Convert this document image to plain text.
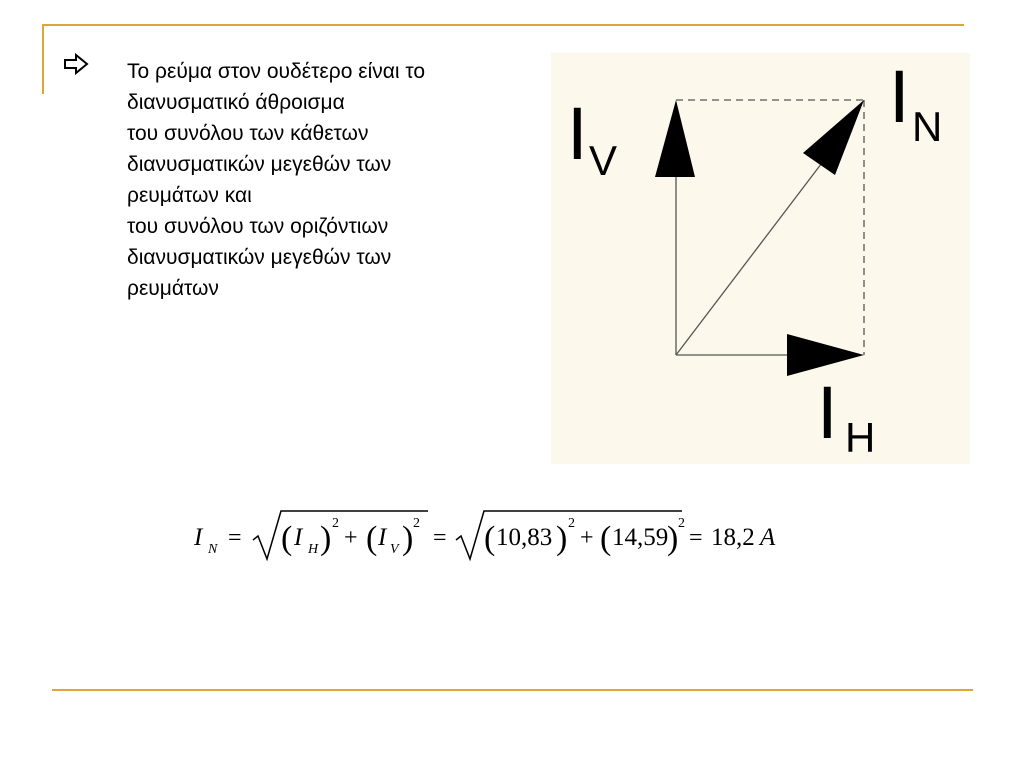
Το ρεύμα στον ουδέτερο είναι το
διανυσματικό άθροισμα
του συνόλου των κάθετων
διανυσματικών μεγεθών των
ρευμάτων και
του συνόλου των οριζόντιων
διανυσματικών μεγεθών των
ρευμάτων
IV
IN
I H
I N = ( I H ) 2
+ ( I V ) 2
= ( 10,83 ) 2
+ ( 14,59
) 2
= 18,2 A
